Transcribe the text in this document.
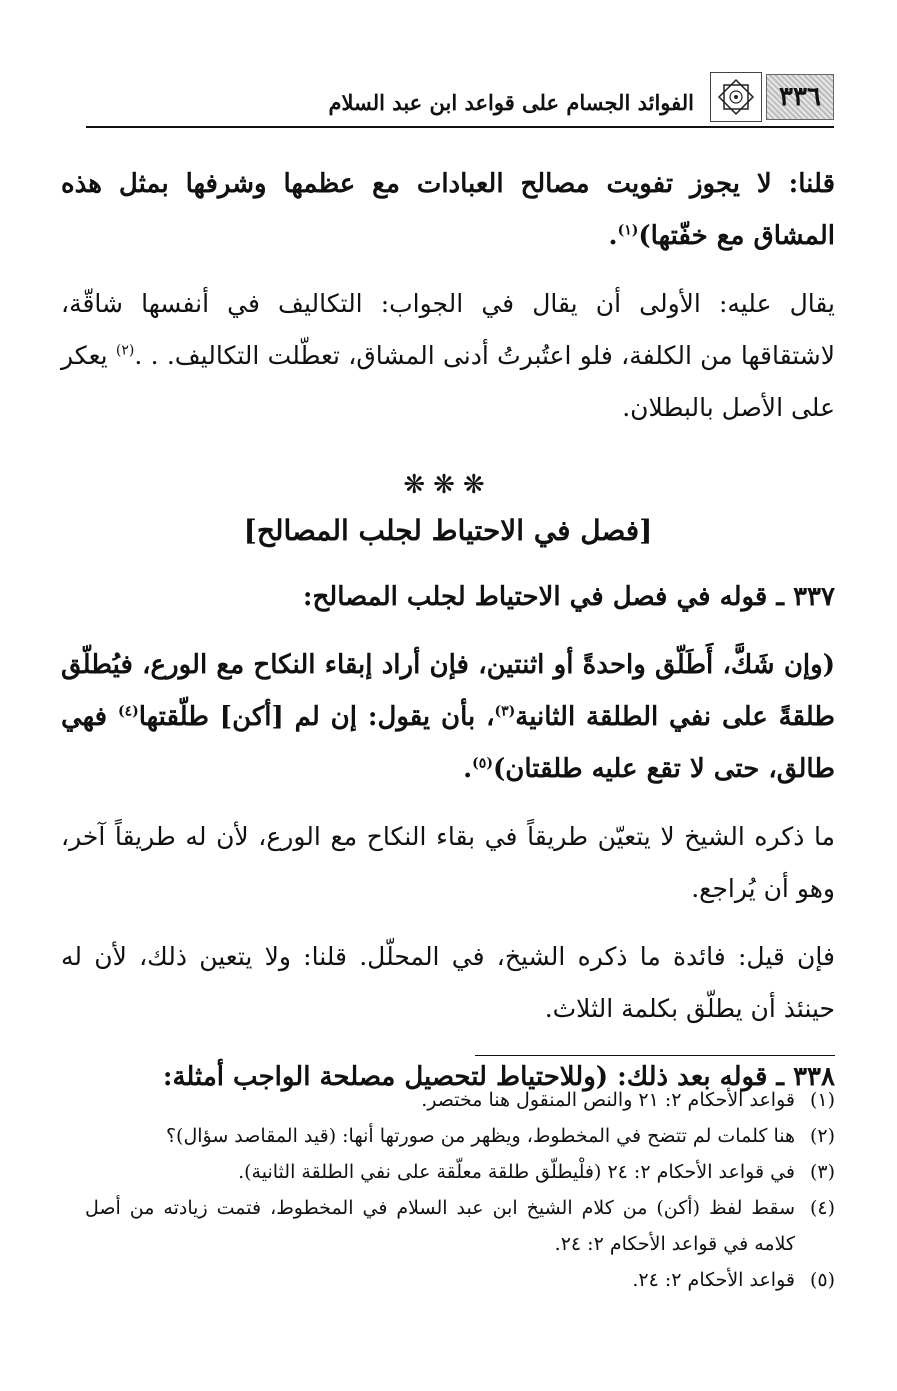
٣٣٦
الفوائد الجسام على قواعد ابن عبد السلام

قلنا: لا يجوز تفويت مصالح العبادات مع عظمها وشرفها بمثل هذه المشاق مع خفّتها)$^{(١)}$.

يقال عليه: الأولى أن يقال في الجواب: التكاليف في أنفسها شاقّة، لاشتقاقها من الكلفة، فلو اعتُبرتُ أدنى المشاق، تعطّلت التكاليف. . .$^{(٢)}$ يعكر على الأصل بالبطلان.

❋❋❋
[فصل في الاحتياط لجلب المصالح]

٣٣٧ ـ قوله في فصل في الاحتياط لجلب المصالح:

(وإن شَكَّ، أَطَلّق واحدةً أو اثنتين، فإن أراد إبقاء النكاح مع الورع، فيُطلّق طلقةً على نفي الطلقة الثانية$^{(٣)}$، بأن يقول: إن لم [أكن] طلّقتها$^{(٤)}$ فهي طالق، حتى لا تقع عليه طلقتان)$^{(٥)}$.

ما ذكره الشيخ لا يتعيّن طريقاً في بقاء النكاح مع الورع، لأن له طريقاً آخر، وهو أن يُراجع.

فإن قيل: فائدة ما ذكره الشيخ، في المحلّل. قلنا: ولا يتعين ذلك، لأن له حينئذ أن يطلّق بكلمة الثلاث.

٣٣٨ ـ قوله بعد ذلك: (وللاحتياط لتحصيل مصلحة الواجب أمثلة:

(١)
قواعد الأحكام ٢: ٢١ والنص المنقول هنا مختصر.
(٢)
هنا كلمات لم تتضح في المخطوط، ويظهر من صورتها أنها: (قيد المقاصد سؤال)؟
(٣)
في قواعد الأحكام ٢: ٢٤ (فلْيطلّق طلقة معلّقة على نفي الطلقة الثانية).
(٤)
سقط لفظ (أكن) من كلام الشيخ ابن عبد السلام في المخطوط، فتمت زيادته من أصل كلامه في قواعد الأحكام ٢: ٢٤.
(٥)
قواعد الأحكام ٢: ٢٤.
